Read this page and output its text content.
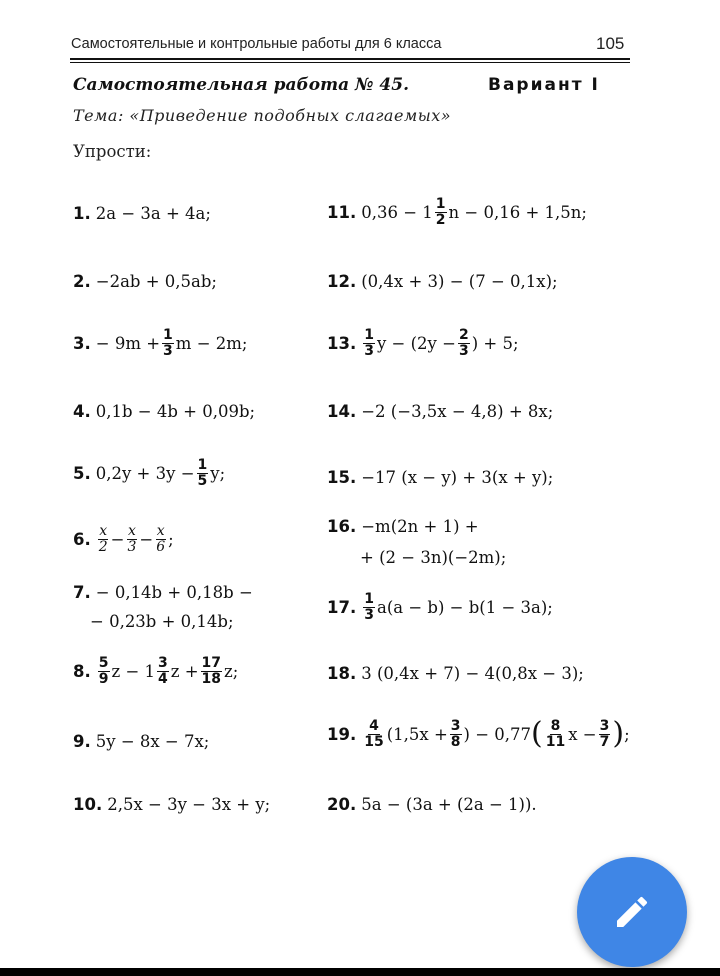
Самостоятельные и контрольные работы для 6 класса	105
Самостоятельная работа № 45.	Вариант I
Тема: «Приведение подобных слагаемых»
Упрости:
1. 2a − 3a + 4a;
2. −2ab + 0,5ab;
3. − $9m + \frac{1}{3}$ m − 2m;
4. 0,1b − 4b + 0,09b;
5. $0,2y + 3y - \frac{1}{5} y$;
6. $\frac{x}{2} - \frac{x}{3} - \frac{x}{6}$ ;
7. − 0,14b + 0,18b −
− 0,23b + 0,14b;
8. $\frac{5}{9}$ $z - 1 \frac{3}{4}$ $z + \frac{17}{18} z$;
9. 5y − 8x − 7x;
10. 2,5x − 3y − 3x + y;
11. $0,36 - 1 \frac{1}{2}$ n − 0,16 + 1,5n;
12. (0,4x + 3) − (7 − 0,1x);
13. $\frac{1}{3}$ $y - (2y - \frac{2}{3}$ ) + 5;
14. −2 (−3,5x − 4,8) + 8x;
15. −17 (x − y) + 3(x + y);
16. −m(2n + 1) +
+ (2 − 3n)(−2m);
17. $\frac{1}{3} a(a - b) - b(1 - 3a)$;
18. 3 (0,4x + 7) − 4(0,8x − 3);
19. $\frac{4}{15} (1,5x + \frac{3}{8}$ ) − 0,77 ( $\frac{8}{11}$ $x - \frac{3}{7}$ ) ;
20. 5a − (3a + (2a − 1)).
